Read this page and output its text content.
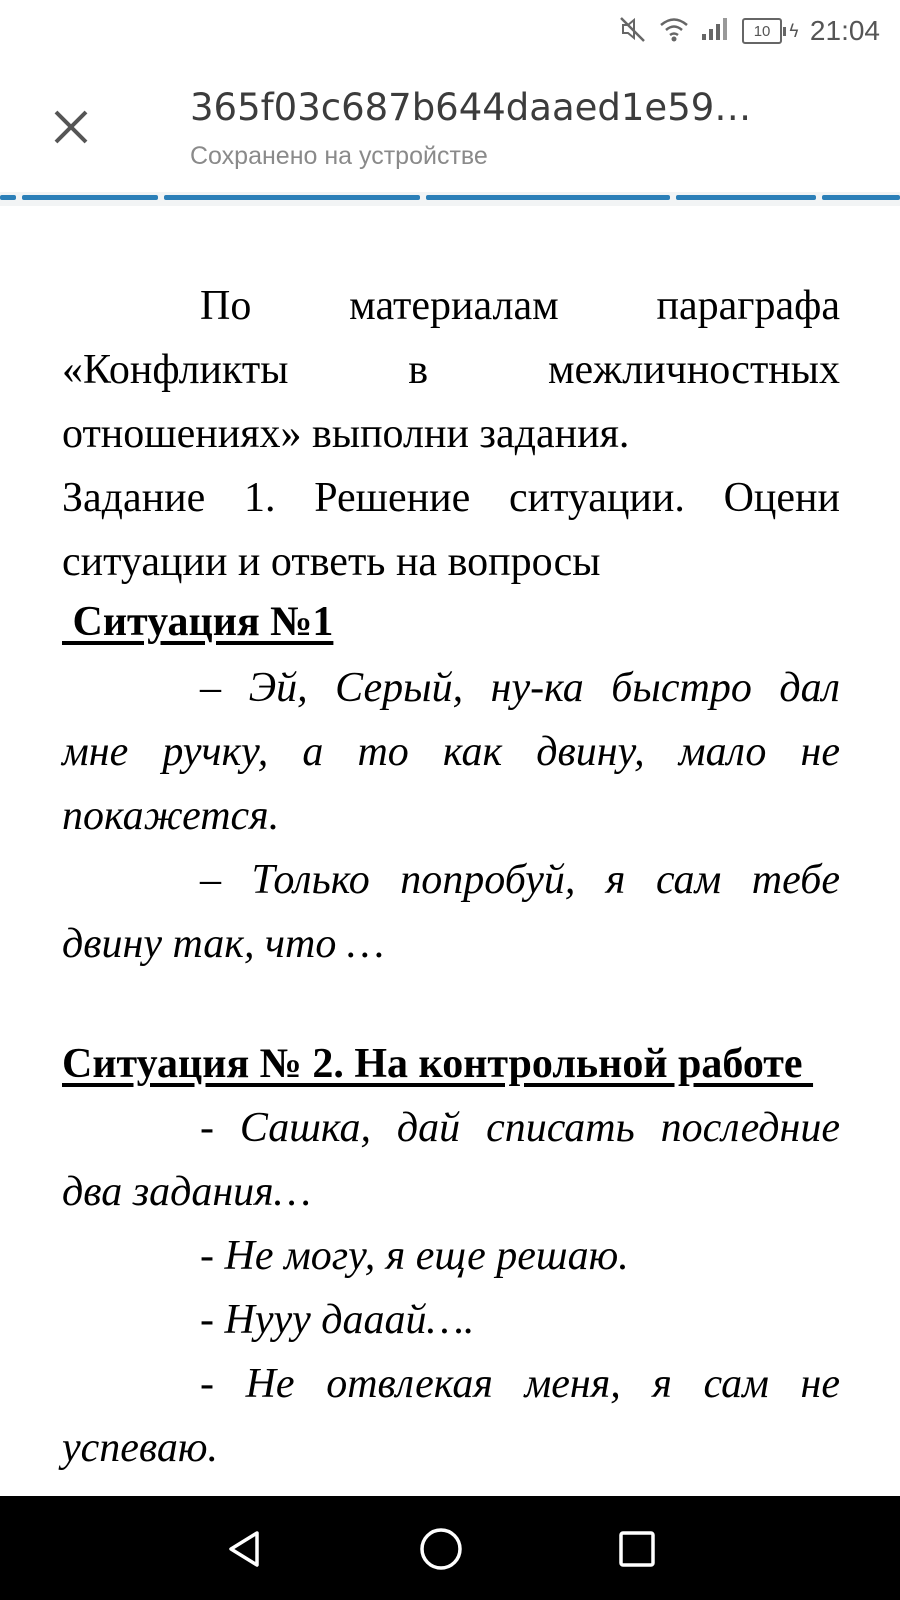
10 ϟ 21:04
365f03c687b644daaed1e59…
Сохранено на устройстве
По материалам параграфа
«Конфликты в межличностных
отношениях» выполни задания.
Задание 1. Решение ситуации. Оцени
ситуации и ответь на вопросы
Ситуация №1
– Эй, Серый, ну-ка быстро дал
мне ручку, а то как двину, мало не
покажется.
– Только попробуй, я сам тебе
двину так, что …
Ситуация № 2. На контрольной работе
- Сашка, дай списать последние
два задания…
- Не могу, я еще решаю.
- Нууу дааай….
- Не отвлекая меня, я сам не
успеваю.
